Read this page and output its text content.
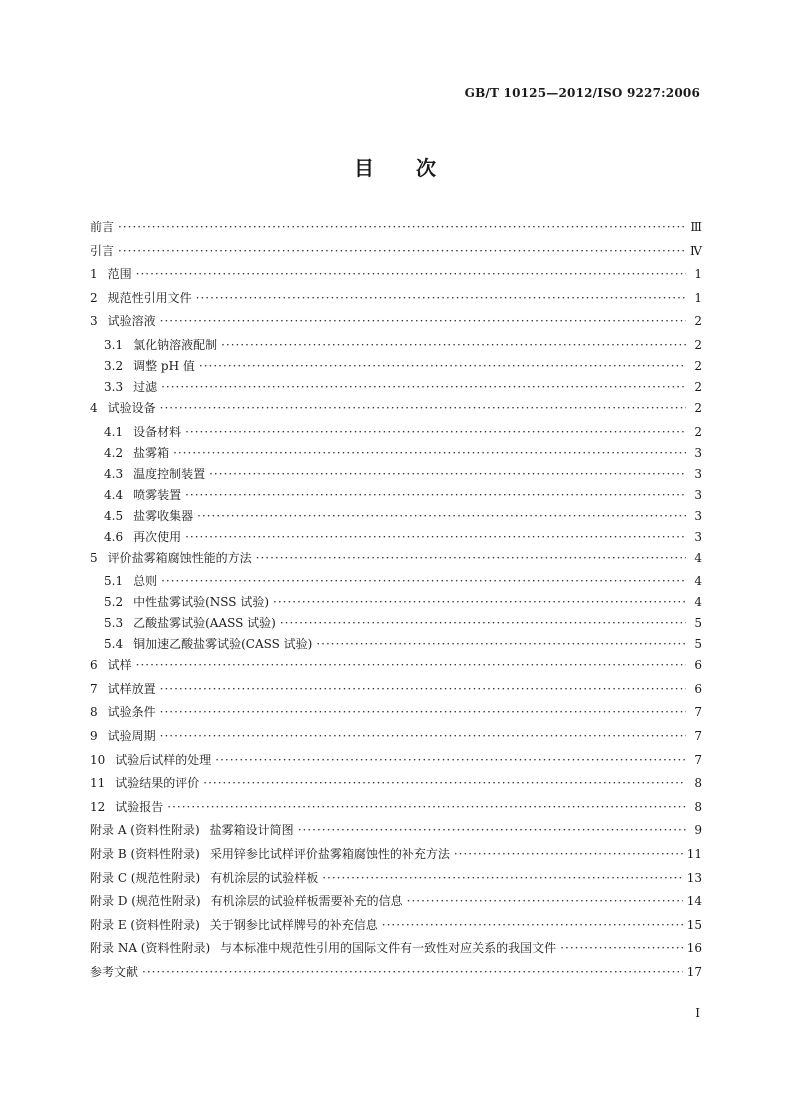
GB/T 10125—2012/ISO 9227:2006
目 次
前言 ·····	Ⅲ
引言 ·····	Ⅳ
1 范围 ·····	1
2 规范性引用文件 ·····	1
3 试验溶液 ·····	2
3.1 氯化钠溶液配制 ·····	2
3.2 调整 pH 值 ·····	2
3.3 过滤 ·····	2
4 试验设备 ·····	2
4.1 设备材料 ·····	2
4.2 盐雾箱 ·····	3
4.3 温度控制装置 ·····	3
4.4 喷雾装置 ·····	3
4.5 盐雾收集器 ·····	3
4.6 再次使用 ·····	3
5 评价盐雾箱腐蚀性能的方法 ·····	4
5.1 总则 ·····	4
5.2 中性盐雾试验(NSS 试验) ·····	4
5.3 乙酸盐雾试验(AASS 试验) ·····	5
5.4 铜加速乙酸盐雾试验(CASS 试验) ·····	5
6 试样 ·····	6
7 试样放置 ·····	6
8 试验条件 ·····	7
9 试验周期 ·····	7
10 试验后试样的处理 ·····	7
11 试验结果的评价 ·····	8
12 试验报告 ·····	8
附录 A (资料性附录) 盐雾箱设计简图 ·····	9
附录 B (资料性附录) 采用锌参比试样评价盐雾箱腐蚀性的补充方法 ·····	11
附录 C (规范性附录) 有机涂层的试验样板 ·····	13
附录 D (规范性附录) 有机涂层的试验样板需要补充的信息 ·····	14
附录 E (资料性附录) 关于钢参比试样牌号的补充信息 ·····	15
附录 NA (资料性附录) 与本标准中规范性引用的国际文件有一致性对应关系的我国文件 ·····	16
参考文献 ·····	17
I
